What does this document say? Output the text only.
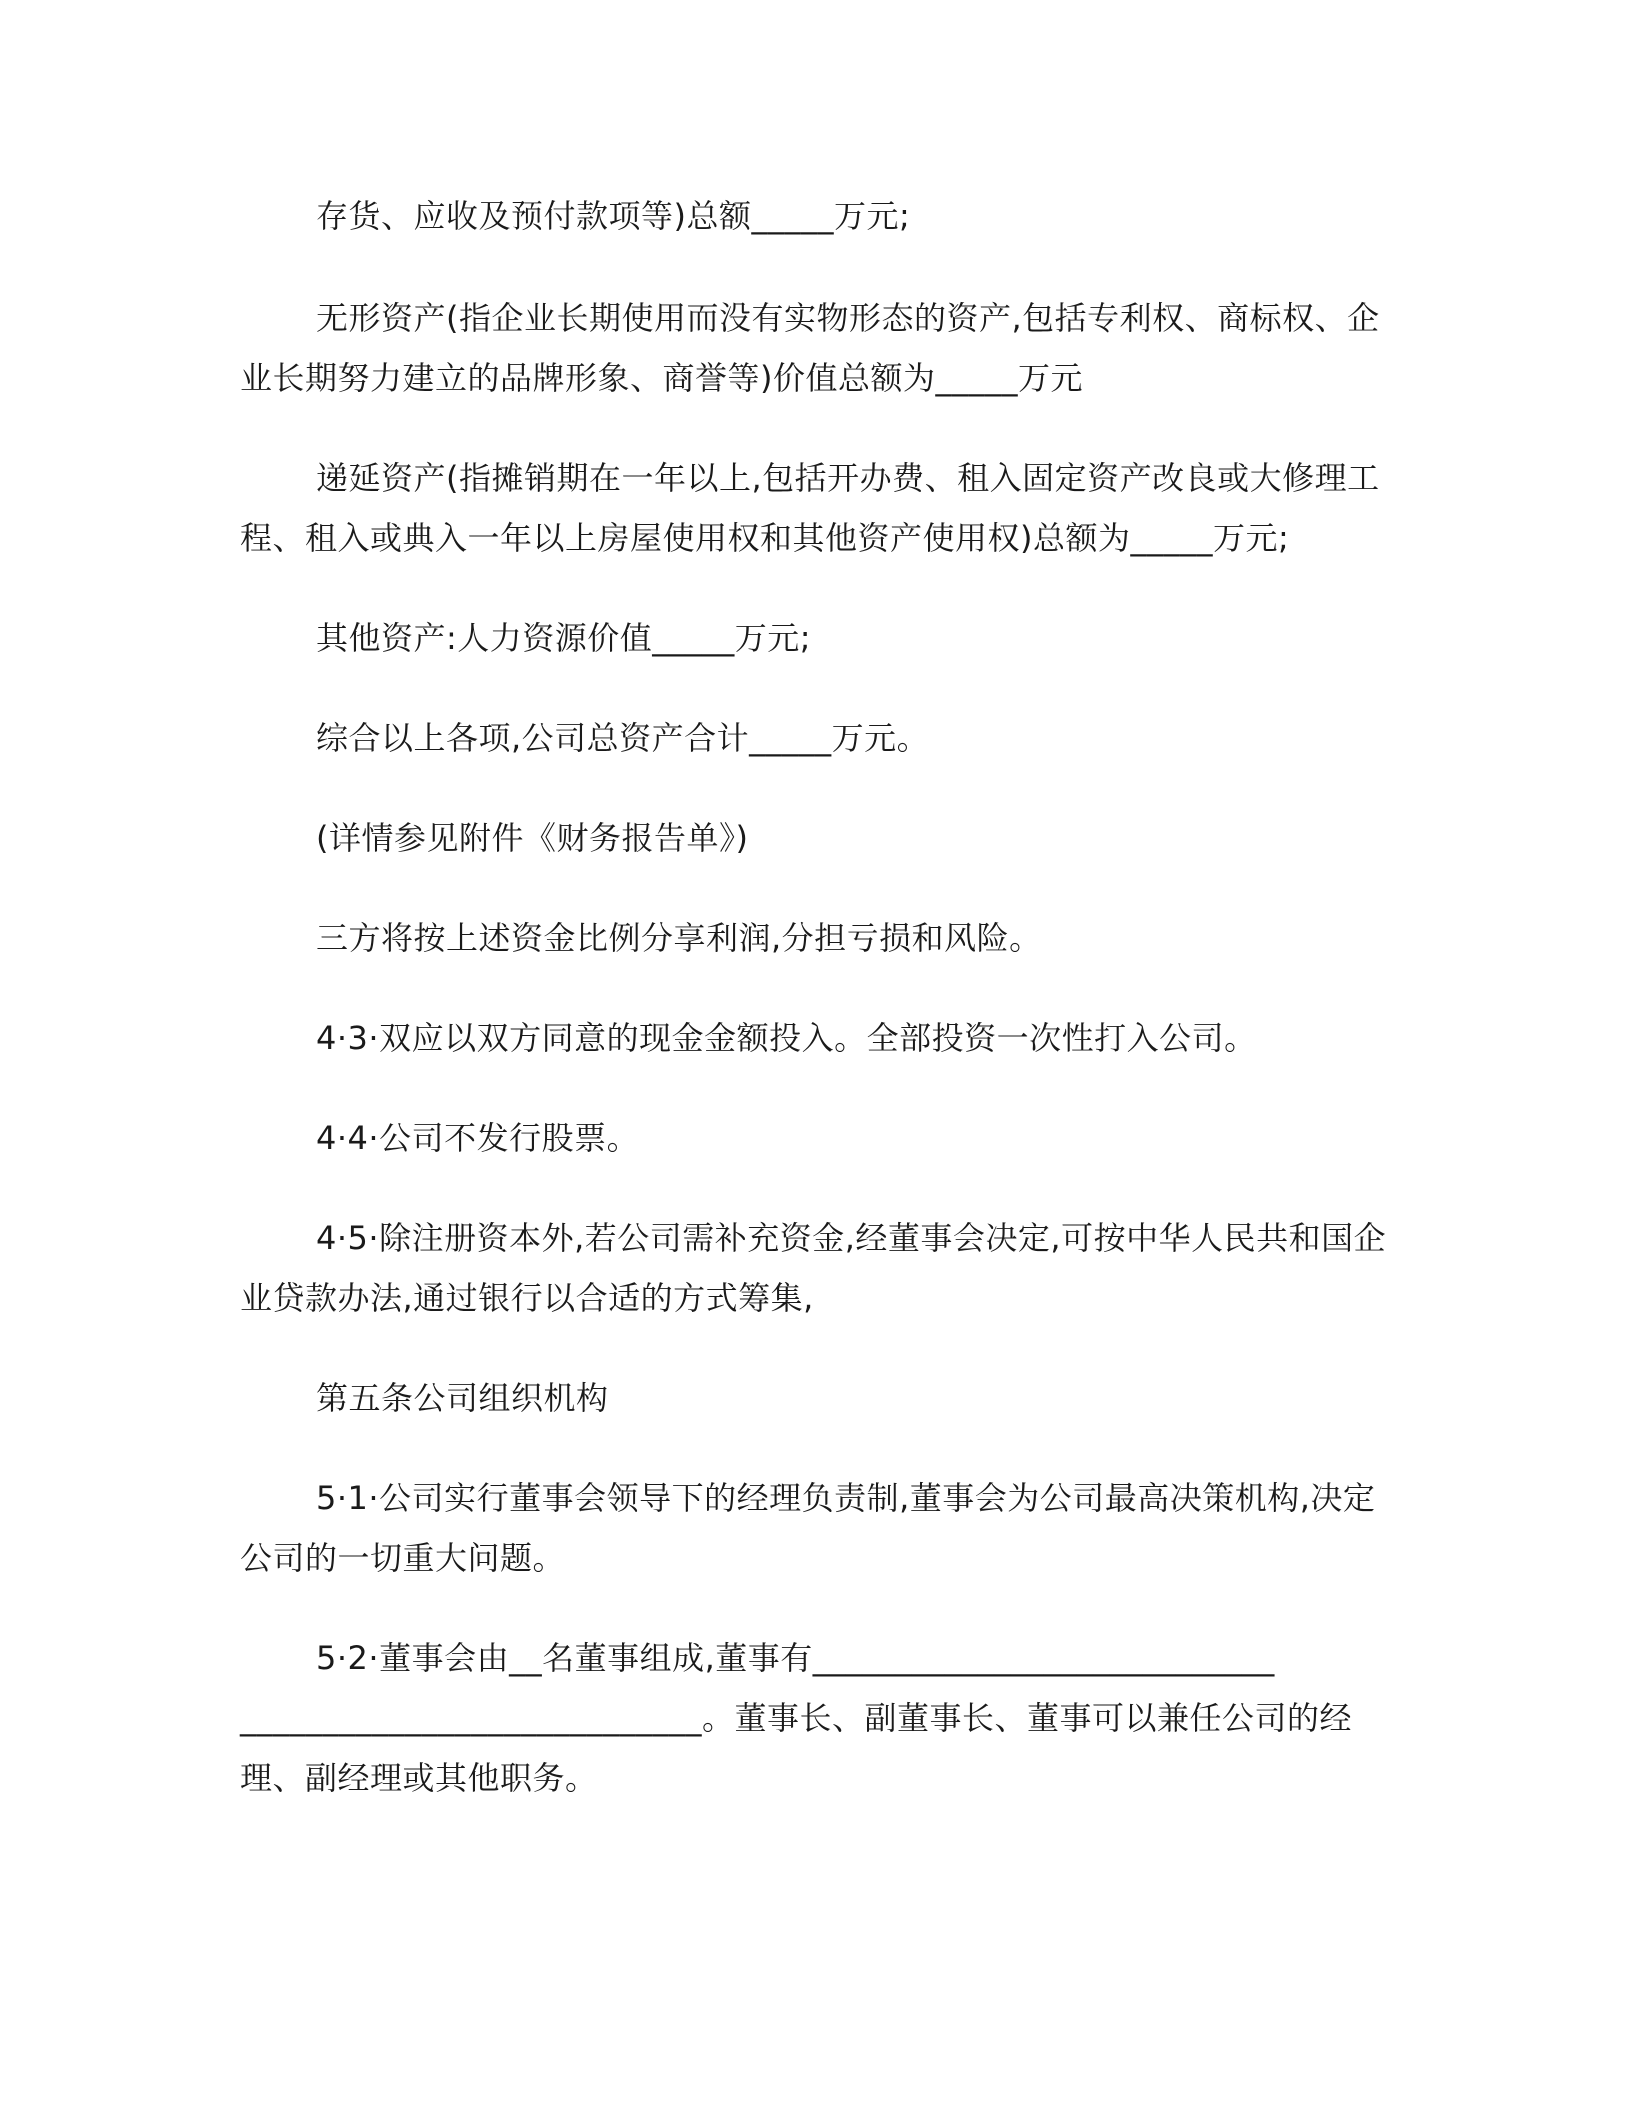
存货、应收及预付款项等)总额_____万元;

无形资产(指企业长期使用而没有实物形态的资产,包括专利权、商标权、企
业长期努力建立的品牌形象、商誉等)价值总额为_____万元

递延资产(指摊销期在一年以上,包括开办费、租入固定资产改良或大修理工
程、租入或典入一年以上房屋使用权和其他资产使用权)总额为_____万元;

其他资产:人力资源价值_____万元;

综合以上各项,公司总资产合计_____万元。

(详情参见附件《财务报告单》)

三方将按上述资金比例分享利润,分担亏损和风险。

4·3·双应以双方同意的现金金额投入。全部投资一次性打入公司。

4·4·公司不发行股票。

4·5·除注册资本外,若公司需补充资金,经董事会决定,可按中华人民共和国企
业贷款办法,通过银行以合适的方式筹集,

第五条公司组织机构

5·1·公司实行董事会领导下的经理负责制,董事会为公司最高决策机构,决定
公司的一切重大问题。

5·2·董事会由__名董事组成,董事有____________________________
____________________________。董事长、副董事长、董事可以兼任公司的经
理、副经理或其他职务。
